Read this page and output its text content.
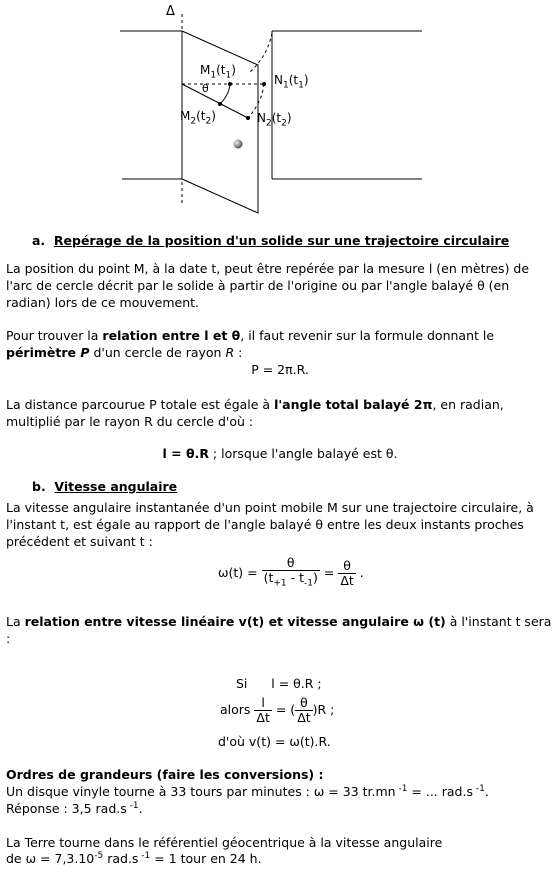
Δ
$M_1(t_1)$
$N_1(t_1)$
$M_2(t_2)$	$N_2(t_2)$
θ
a. Repérage de la position d'un solide sur une trajectoire circulaire
La position du point M, à la date t, peut être repérée par la mesure l (en mètres) de l'arc de cercle décrit par le solide à partir de l'origine ou par l'angle balayé θ (en radian) lors de ce mouvement.
Pour trouver la relation entre l et θ, il faut revenir sur la formule donnant le périmètre P d'un cercle de rayon R :
P = 2π.R.
La distance parcourue P totale est égale à l'angle total balayé 2π, en radian, multiplié par le rayon R du cercle d'où :
l = θ.R ; lorsque l'angle balayé est θ.
b. Vitesse angulaire
La vitesse angulaire instantanée d'un point mobile M sur une trajectoire circulaire, à l'instant t, est égale au rapport de l'angle balayé θ entre les deux instants proches précédent et suivant t :
$\omega(t) = \frac{\theta}{(t_{+1} - t_{-1})} = \frac{\theta}{\Delta t}$ .
La relation entre vitesse linéaire v(t) et vitesse angulaire ω (t) à l'instant t sera :
Si      l = θ.R ;
alors $\frac{l}{\Delta t}$ = ( $\frac{\theta}{\Delta t} )R$ ;
d'où v(t) = ω(t).R.
Ordres de grandeurs (faire les conversions) :
Un disque vinyle tourne à 33 tours par minutes : ω = 33 tr.mn $^{-1}$ = ... rad.s $^{-1}$.
Réponse : 3,5 rad.s $^{-1}$.
La Terre tourne dans le référentiel géocentrique à la vitesse angulaire
de $\omega = 7,3.10^{-5}$ rad.s $^{-1}$ = 1 tour en 24 h.
